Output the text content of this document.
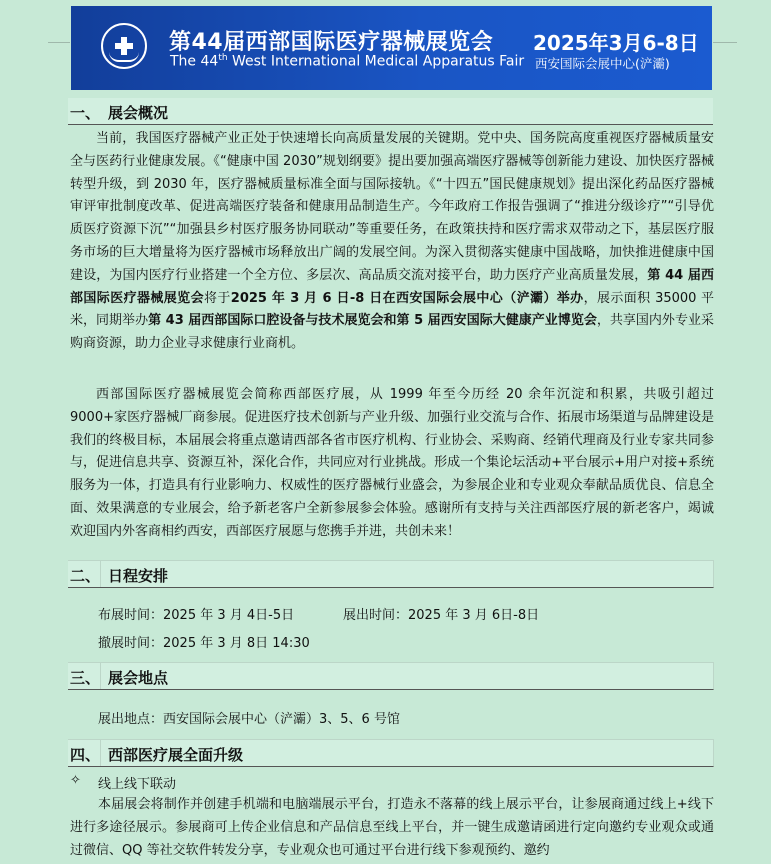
第44届西部国际医疗器械展览会
The 44th West International Medical Apparatus Fair
2025年3月6-8日
西安国际会展中心(浐灞)
一、 展会概况
当前，我国医疗器械产业正处于快速增长向高质量发展的关键期。党中央、国务院高度重视医疗器械质量安全与医药行业健康发展。《“健康中国 2030”规划纲要》提出要加强高端医疗器械等创新能力建设、加快医疗器械转型升级，到 2030 年，医疗器械质量标准全面与国际接轨。《“十四五”国民健康规划》提出深化药品医疗器械审评审批制度改革、促进高端医疗装备和健康用品制造生产。今年政府工作报告强调了“推进分级诊疗”“引导优质医疗资源下沉”“加强县乡村医疗服务协同联动”等重要任务，在政策扶持和医疗需求双带动之下，基层医疗服务市场的巨大增量将为医疗器械市场释放出广阔的发展空间。为深入贯彻落实健康中国战略，加快推进健康中国建设，为国内医疗行业搭建一个全方位、多层次、高品质交流对接平台，助力医疗产业高质量发展，第 44 届西部国际医疗器械展览会将于2025 年 3 月 6 日-8 日在西安国际会展中心（浐灞）举办，展示面积 35000 平米，同期举办第 43 届西部国际口腔设备与技术展览会和第 5 届西安国际大健康产业博览会，共享国内外专业采购商资源，助力企业寻求健康行业商机。
西部国际医疗器械展览会简称西部医疗展，从 1999 年至今历经 20 余年沉淀和积累，共吸引超过 9000+家医疗器械厂商参展。促进医疗技术创新与产业升级、加强行业交流与合作、拓展市场渠道与品牌建设是我们的终极目标，本届展会将重点邀请西部各省市医疗机构、行业协会、采购商、经销代理商及行业专家共同参与，促进信息共享、资源互补，深化合作，共同应对行业挑战。形成一个集论坛活动+平台展示+用户对接+系统服务为一体，打造具有行业影响力、权威性的医疗器械行业盛会，为参展企业和专业观众奉献品质优良、信息全面、效果满意的专业展会，给予新老客户全新参展参会体验。感谢所有支持与关注西部医疗展的新老客户，竭诚欢迎国内外客商相约西安，西部医疗展愿与您携手并进，共创未来！
二、 日程安排
布展时间：2025 年 3 月 4日-5日	展出时间：2025 年 3 月 6日-8日
撤展时间：2025 年 3 月 8日 14:30
三、 展会地点
展出地点：西安国际会展中心（浐灞）3、5、6 号馆
四、 西部医疗展全面升级
✧ 线上线下联动
本届展会将制作并创建手机端和电脑端展示平台，打造永不落幕的线上展示平台，让参展商通过线上+线下进行多途径展示。参展商可上传企业信息和产品信息至线上平台，并一键生成邀请函进行定向邀约专业观众或通过微信、QQ 等社交软件转发分享，专业观众也可通过平台进行线下参观预约、邀约
